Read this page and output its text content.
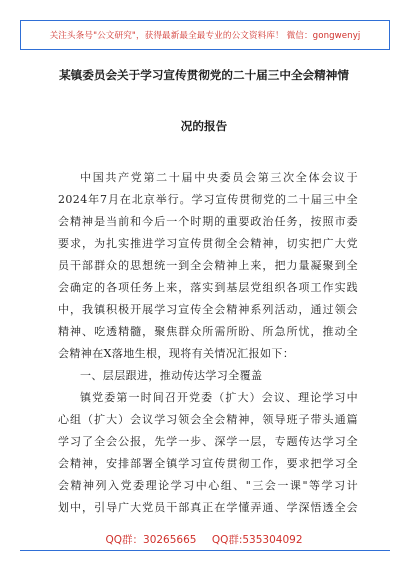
关注头条号"公文研究"，获得最新最全最专业的公文资料库！ 微信：gongwenyj
某镇委员会关于学习宣传贯彻党的二十届三中全会精神情
况的报告
中国共产党第二十届中央委员会第三次全体会议于
2024年7月在北京举行。学习宣传贯彻党的二十届三中全
会精神是当前和今后一个时期的重要政治任务，按照市委
要求，为扎实推进学习宣传贯彻全会精神，切实把广大党
员干部群众的思想统一到全会精神上来，把力量凝聚到全
会确定的各项任务上来，落实到基层党组织各项工作实践
中，我镇积极开展学习宣传全会精神系列活动，通过领会
精神、吃透精髓，聚焦群众所需所盼、所急所忧，推动全
会精神在X落地生根，现将有关情况汇报如下：
一、层层跟进，推动传达学习全覆盖
镇党委第一时间召开党委（扩大）会议、理论学习中
心组（扩大）会议学习领会全会精神，领导班子带头通篇
学习了全会公报，先学一步、深学一层，专题传达学习全
会精神，安排部署全镇学习宣传贯彻工作，要求把学习全
会精神列入党委理论学习中心组、"三会一课"等学习计
划中，引导广大党员干部真正在学懂弄通、学深悟透全会
QQ群：30265665 QQ群:535304092
